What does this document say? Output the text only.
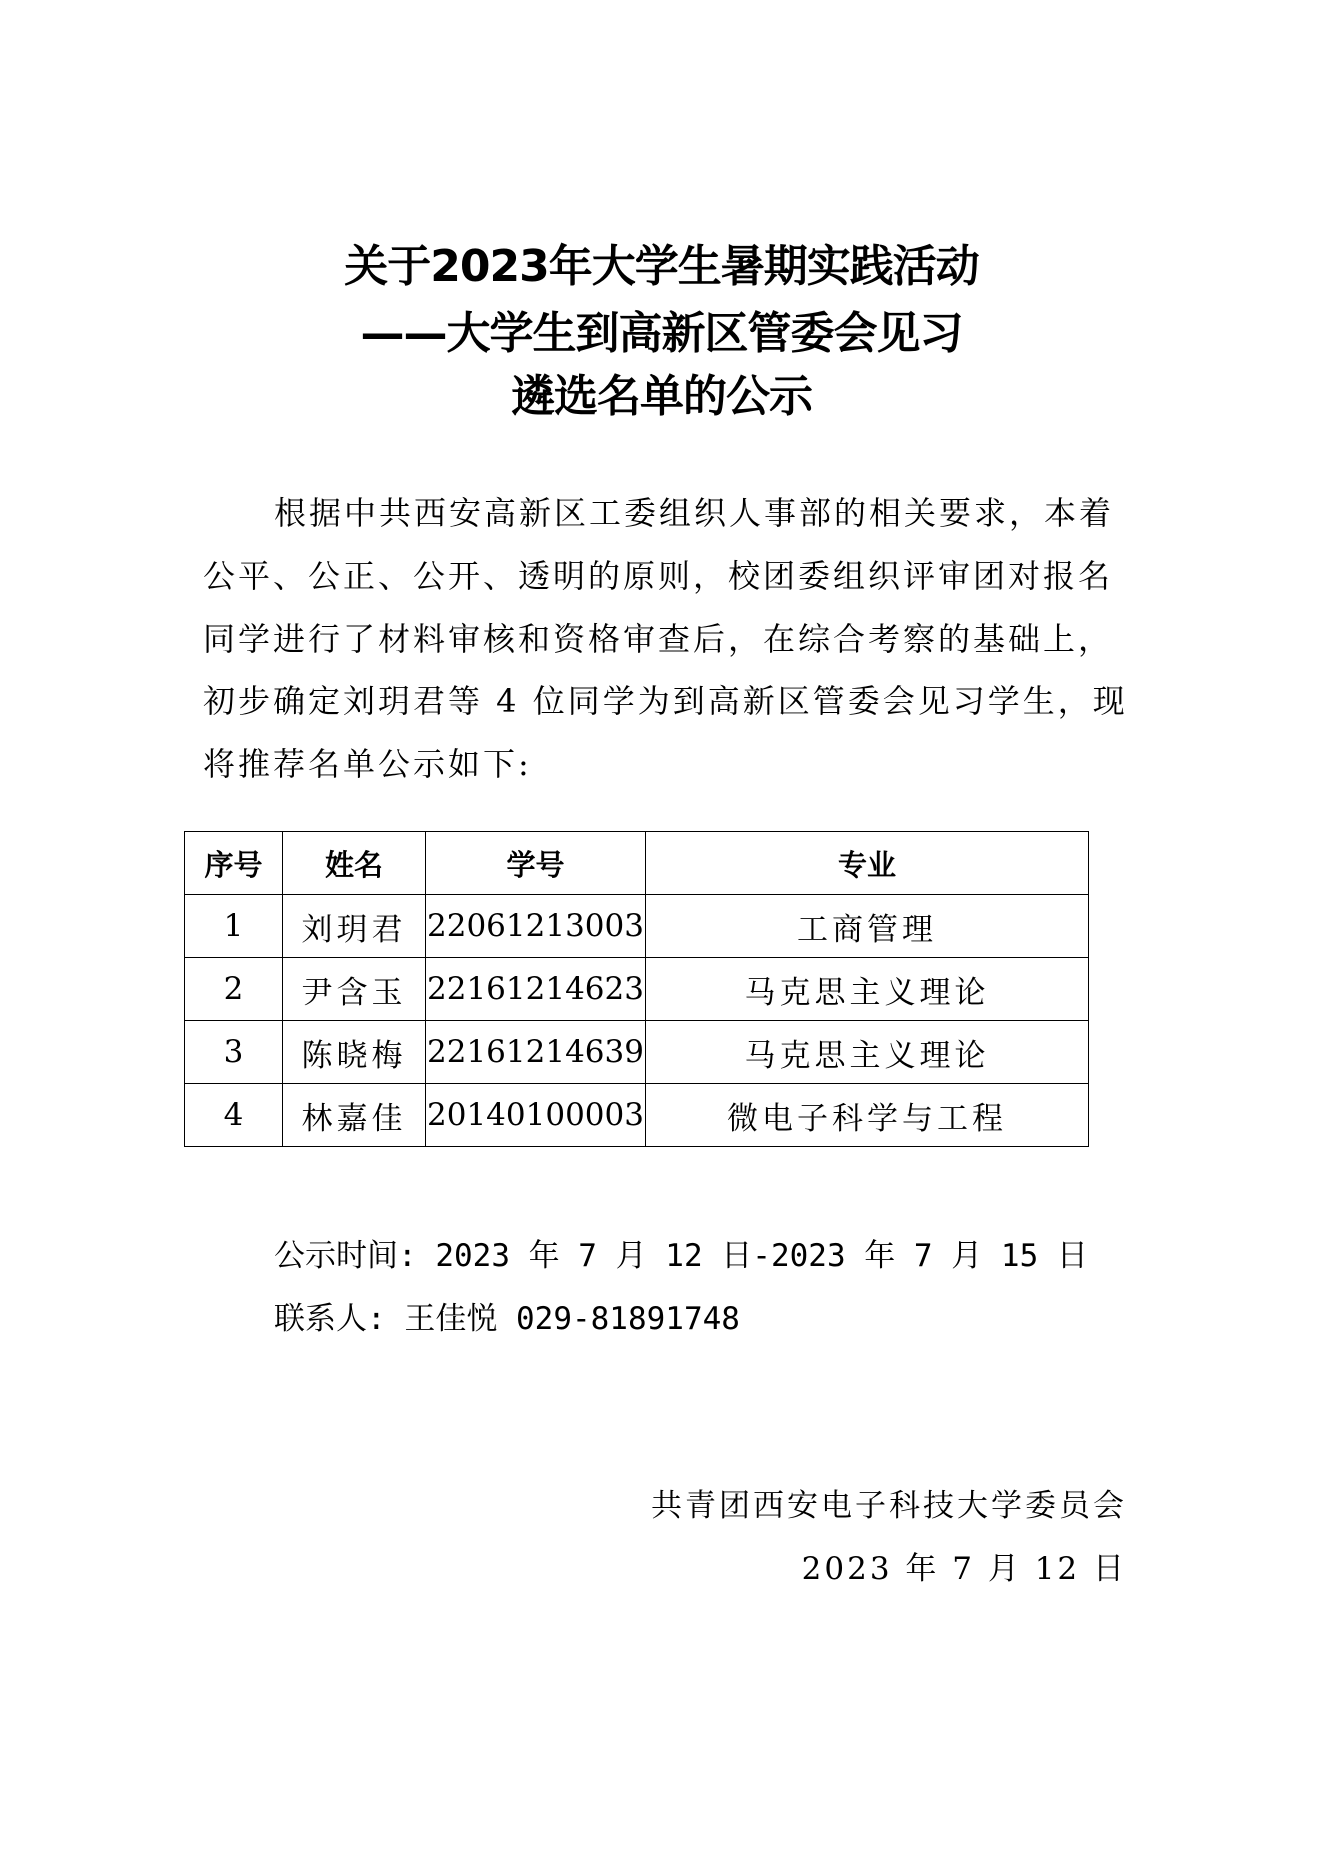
关于2023年大学生暑期实践活动
——大学生到高新区管委会见习
遴选名单的公示
根据中共西安高新区工委组织人事部的相关要求，本着
公平、公正、公开、透明的原则，校团委组织评审团对报名
同学进行了材料审核和资格审查后，在综合考察的基础上，
初步确定刘玥君等 4 位同学为到高新区管委会见习学生，现
将推荐名单公示如下:
序号	姓名	学号	专业
1	刘玥君	22061213003	工商管理
2	尹含玉	22161214623	马克思主义理论
3	陈晓梅	22161214639	马克思主义理论
4	林嘉佳	20140100003	微电子科学与工程
公示时间: 2023 年 7 月 12 日-2023 年 7 月 15 日
联系人: 王佳悦 029-81891748
共青团西安电子科技大学委员会
2023 年 7 月 12 日
